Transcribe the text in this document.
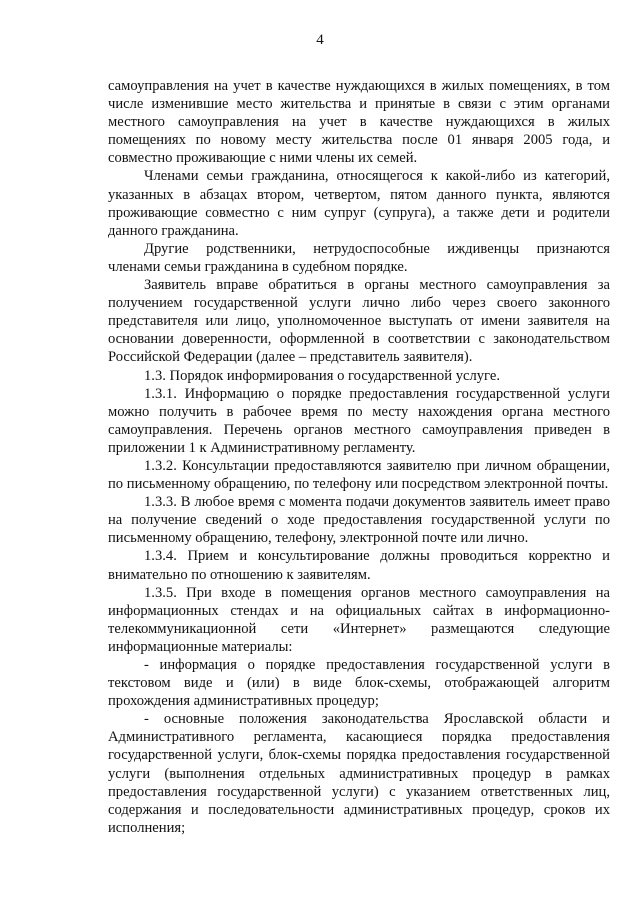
4

самоуправления на учет в качестве нуждающихся в жилых помещениях, в том числе изменившие место жительства и принятые в связи с этим органами местного самоуправления на учет в качестве нуждающихся в жилых помещениях по новому месту жительства после 01 января 2005 года, и совместно проживающие с ними члены их семей.

Членами семьи гражданина, относящегося к какой-либо из категорий, указанных в абзацах втором, четвертом, пятом данного пункта, являются проживающие совместно с ним супруг (супруга), а также дети и родители данного гражданина.

Другие родственники, нетрудоспособные иждивенцы признаются членами семьи гражданина в судебном порядке.

Заявитель вправе обратиться в органы местного самоуправления за получением государственной услуги лично либо через своего законного представителя или лицо, уполномоченное выступать от имени заявителя на основании доверенности, оформленной в соответствии с законодательством Российской Федерации (далее – представитель заявителя).

1.3. Порядок информирования о государственной услуге.

1.3.1. Информацию о порядке предоставления государственной услуги можно получить в рабочее время по месту нахождения органа местного самоуправления. Перечень органов местного самоуправления приведен в приложении 1 к Административному регламенту.

1.3.2. Консультации предоставляются заявителю при личном обращении, по письменному обращению, по телефону или посредством электронной почты.

1.3.3. В любое время с момента подачи документов заявитель имеет право на получение сведений о ходе предоставления государственной услуги по письменному обращению, телефону, электронной почте или лично.

1.3.4. Прием и консультирование должны проводиться корректно и внимательно по отношению к заявителям.

1.3.5. При входе в помещения органов местного самоуправления на информационных стендах и на официальных сайтах в информационно-телекоммуникационной сети «Интернет» размещаются следующие информационные материалы:

- информация о порядке предоставления государственной услуги в текстовом виде и (или) в виде блок-схемы, отображающей алгоритм прохождения административных процедур;

- основные положения законодательства Ярославской области и Административного регламента, касающиеся порядка предоставления государственной услуги, блок-схемы порядка предоставления государственной услуги (выполнения отдельных административных процедур в рамках предоставления государственной услуги) с указанием ответственных лиц, содержания и последовательности административных процедур, сроков их исполнения;
